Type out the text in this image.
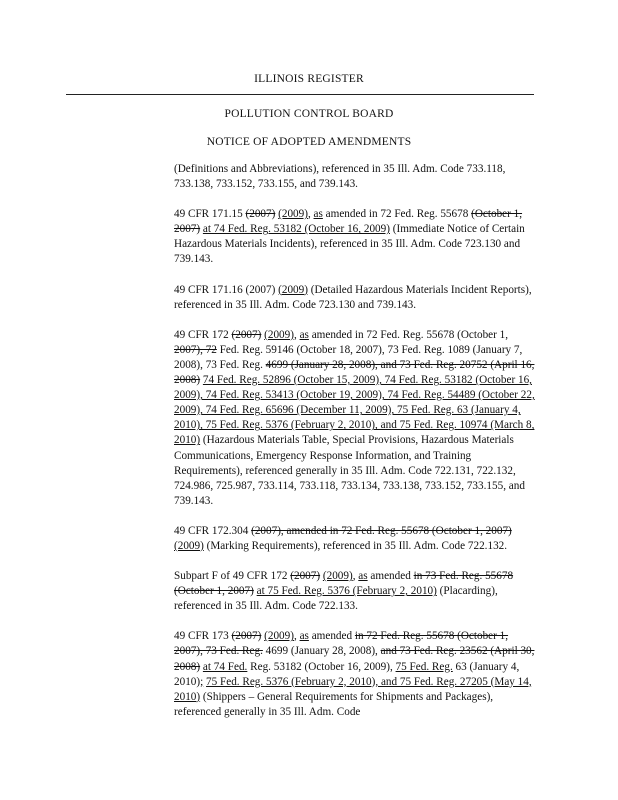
ILLINOIS REGISTER
POLLUTION CONTROL BOARD
NOTICE OF ADOPTED AMENDMENTS

(Definitions and Abbreviations), referenced in 35 Ill. Adm. Code 733.118, 733.138, 733.152, 733.155, and 739.143.

49 CFR 171.15 (2007) (2009), as amended in 72 Fed. Reg. 55678 (October 1, 2007) at 74 Fed. Reg. 53182 (October 16, 2009) (Immediate Notice of Certain Hazardous Materials Incidents), referenced in 35 Ill. Adm. Code 723.130 and 739.143.

49 CFR 171.16 (2007) (2009) (Detailed Hazardous Materials Incident Reports), referenced in 35 Ill. Adm. Code 723.130 and 739.143.

49 CFR 172 (2007) (2009), as amended in 72 Fed. Reg. 55678 (October 1, 2007), 72 Fed. Reg. 59146 (October 18, 2007), 73 Fed. Reg. 1089 (January 7, 2008), 73 Fed. Reg. 4699 (January 28, 2008), and 73 Fed. Reg. 20752 (April 16, 2008) 74 Fed. Reg. 52896 (October 15, 2009), 74 Fed. Reg. 53182 (October 16, 2009), 74 Fed. Reg. 53413 (October 19, 2009), 74 Fed. Reg. 54489 (October 22, 2009), 74 Fed. Reg. 65696 (December 11, 2009), 75 Fed. Reg. 63 (January 4, 2010), 75 Fed. Reg. 5376 (February 2, 2010), and 75 Fed. Reg. 10974 (March 8, 2010) (Hazardous Materials Table, Special Provisions, Hazardous Materials Communications, Emergency Response Information, and Training Requirements), referenced generally in 35 Ill. Adm. Code 722.131, 722.132, 724.986, 725.987, 733.114, 733.118, 733.134, 733.138, 733.152, 733.155, and 739.143.

49 CFR 172.304 (2007), amended in 72 Fed. Reg. 55678 (October 1, 2007) (2009) (Marking Requirements), referenced in 35 Ill. Adm. Code 722.132.

Subpart F of 49 CFR 172 (2007) (2009), as amended in 73 Fed. Reg. 55678 (October 1, 2007) at 75 Fed. Reg. 5376 (February 2, 2010) (Placarding), referenced in 35 Ill. Adm. Code 722.133.

49 CFR 173 (2007) (2009), as amended in 72 Fed. Reg. 55678 (October 1, 2007), 73 Fed. Reg. 4699 (January 28, 2008), and 73 Fed. Reg. 23562 (April 30, 2008) at 74 Fed. Reg. 53182 (October 16, 2009), 75 Fed. Reg. 63 (January 4, 2010); 75 Fed. Reg. 5376 (February 2, 2010), and 75 Fed. Reg. 27205 (May 14, 2010) (Shippers – General Requirements for Shipments and Packages), referenced generally in 35 Ill. Adm. Code
